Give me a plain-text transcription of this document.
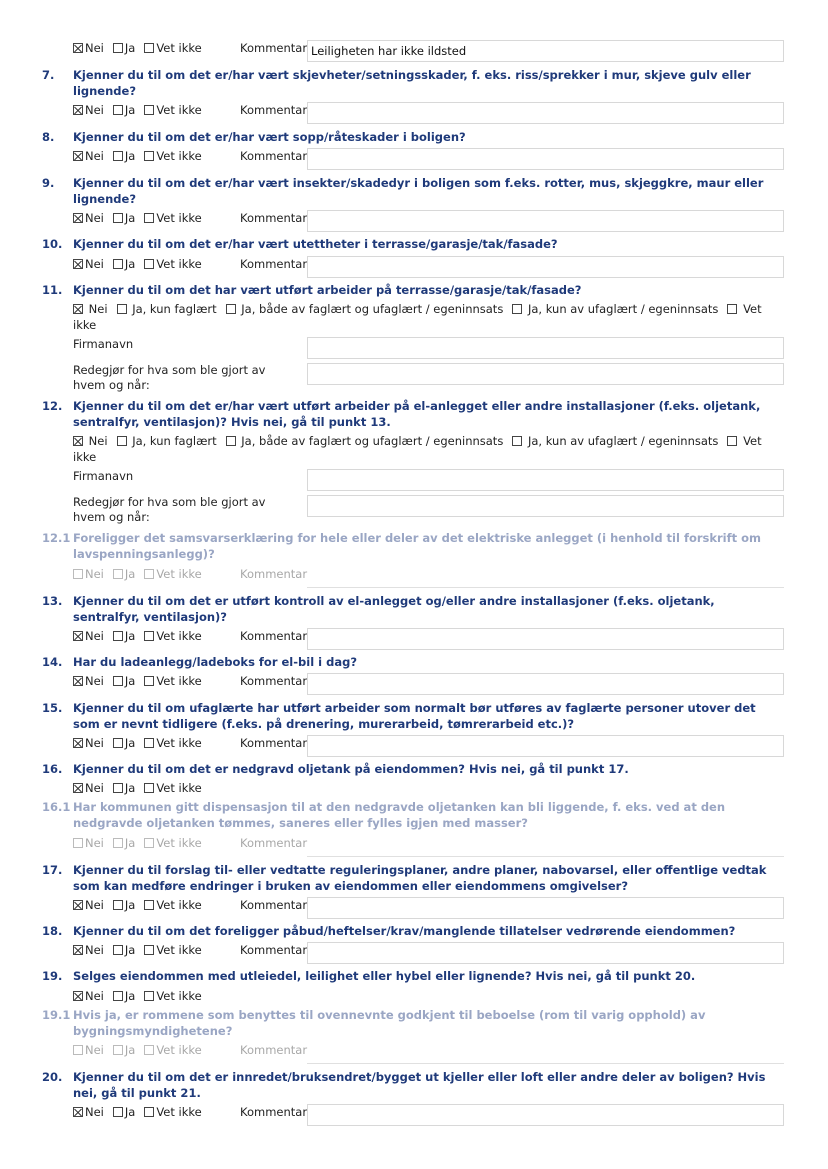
Nei Ja Vet ikke	Kommentar Leiligheten har ikke ildsted
7. Kjenner du til om det er/har vært skjevheter/setningsskader, f. eks. riss/sprekker i mur, skjeve gulv eller lignende?
Nei Ja Vet ikke	Kommentar
8. Kjenner du til om det er/har vært sopp/råteskader i boligen?
Nei Ja Vet ikke	Kommentar
9. Kjenner du til om det er/har vært insekter/skadedyr i boligen som f.eks. rotter, mus, skjeggkre, maur eller lignende?
Nei Ja Vet ikke	Kommentar
10. Kjenner du til om det er/har vært utettheter i terrasse/garasje/tak/fasade?
Nei Ja Vet ikke	Kommentar
11. Kjenner du til om det har vært utført arbeider på terrasse/garasje/tak/fasade?
Nei Ja, kun faglært Ja, både av faglært og ufaglært / egeninnsats Ja, kun av ufaglært / egeninnsats Vet ikke
Firmanavn
Redegjør for hva som ble gjort av hvem og når:
12. Kjenner du til om det er/har vært utført arbeider på el-anlegget eller andre installasjoner (f.eks. oljetank, sentralfyr, ventilasjon)? Hvis nei, gå til punkt 13.
Nei Ja, kun faglært Ja, både av faglært og ufaglært / egeninnsats Ja, kun av ufaglært / egeninnsats Vet ikke
Firmanavn
Redegjør for hva som ble gjort av hvem og når:
12.1 Foreligger det samsvarserklæring for hele eller deler av det elektriske anlegget (i henhold til forskrift om lavspenningsanlegg)?
Nei Ja Vet ikke	Kommentar
13. Kjenner du til om det er utført kontroll av el-anlegget og/eller andre installasjoner (f.eks. oljetank, sentralfyr, ventilasjon)?
Nei Ja Vet ikke	Kommentar
14. Har du ladeanlegg/ladeboks for el-bil i dag?
Nei Ja Vet ikke	Kommentar
15. Kjenner du til om ufaglærte har utført arbeider som normalt bør utføres av faglærte personer utover det som er nevnt tidligere (f.eks. på drenering, murerarbeid, tømrerarbeid etc.)?
Nei Ja Vet ikke	Kommentar
16. Kjenner du til om det er nedgravd oljetank på eiendommen? Hvis nei, gå til punkt 17.
Nei Ja Vet ikke
16.1 Har kommunen gitt dispensasjon til at den nedgravde oljetanken kan bli liggende, f. eks. ved at den nedgravde oljetanken tømmes, saneres eller fylles igjen med masser?
Nei Ja Vet ikke	Kommentar
17. Kjenner du til forslag til- eller vedtatte reguleringsplaner, andre planer, nabovarsel, eller offentlige vedtak som kan medføre endringer i bruken av eiendommen eller eiendommens omgivelser?
Nei Ja Vet ikke	Kommentar
18. Kjenner du til om det foreligger påbud/heftelser/krav/manglende tillatelser vedrørende eiendommen?
Nei Ja Vet ikke	Kommentar
19. Selges eiendommen med utleiedel, leilighet eller hybel eller lignende? Hvis nei, gå til punkt 20.
Nei Ja Vet ikke
19.1 Hvis ja, er rommene som benyttes til ovennevnte godkjent til beboelse (rom til varig opphold) av bygningsmyndighetene?
Nei Ja Vet ikke	Kommentar
20. Kjenner du til om det er innredet/bruksendret/bygget ut kjeller eller loft eller andre deler av boligen? Hvis nei, gå til punkt 21.
Nei Ja Vet ikke	Kommentar
